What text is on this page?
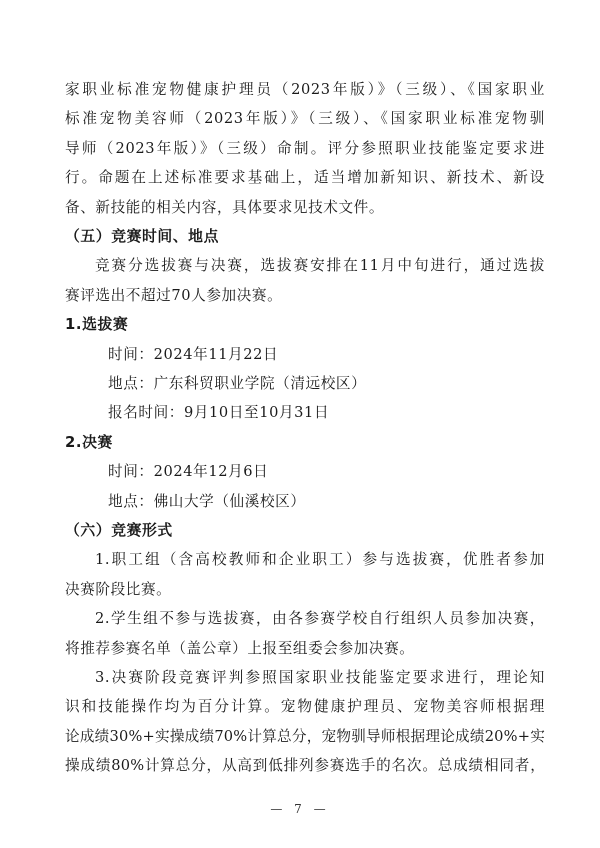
家职业标准宠物健康护理员（2023年版）》（三级）、《国家职业
标准宠物美容师（2023年版）》（三级）、《国家职业标准宠物驯
导师（2023年版）》（三级）命制。评分参照职业技能鉴定要求进
行。命题在上述标准要求基础上，适当增加新知识、新技术、新设
备、新技能的相关内容，具体要求见技术文件。
（五）竞赛时间、地点
竞赛分选拔赛与决赛，选拔赛安排在11月中旬进行，通过选拔
赛评选出不超过70人参加决赛。
1.选拔赛
时间：2024年11月22日
地点：广东科贸职业学院（清远校区）
报名时间：9月10日至10月31日
2.决赛
时间：2024年12月6日
地点：佛山大学（仙溪校区）
（六）竞赛形式
1.职工组（含高校教师和企业职工）参与选拔赛，优胜者参加
决赛阶段比赛。
2.学生组不参与选拔赛，由各参赛学校自行组织人员参加决赛，
将推荐参赛名单（盖公章）上报至组委会参加决赛。
3.决赛阶段竞赛评判参照国家职业技能鉴定要求进行，理论知
识和技能操作均为百分计算。宠物健康护理员、宠物美容师根据理
论成绩30%+实操成绩70%计算总分，宠物驯导师根据理论成绩20%+实
操成绩80%计算总分，从高到低排列参赛选手的名次。总成绩相同者，
— 7 —
